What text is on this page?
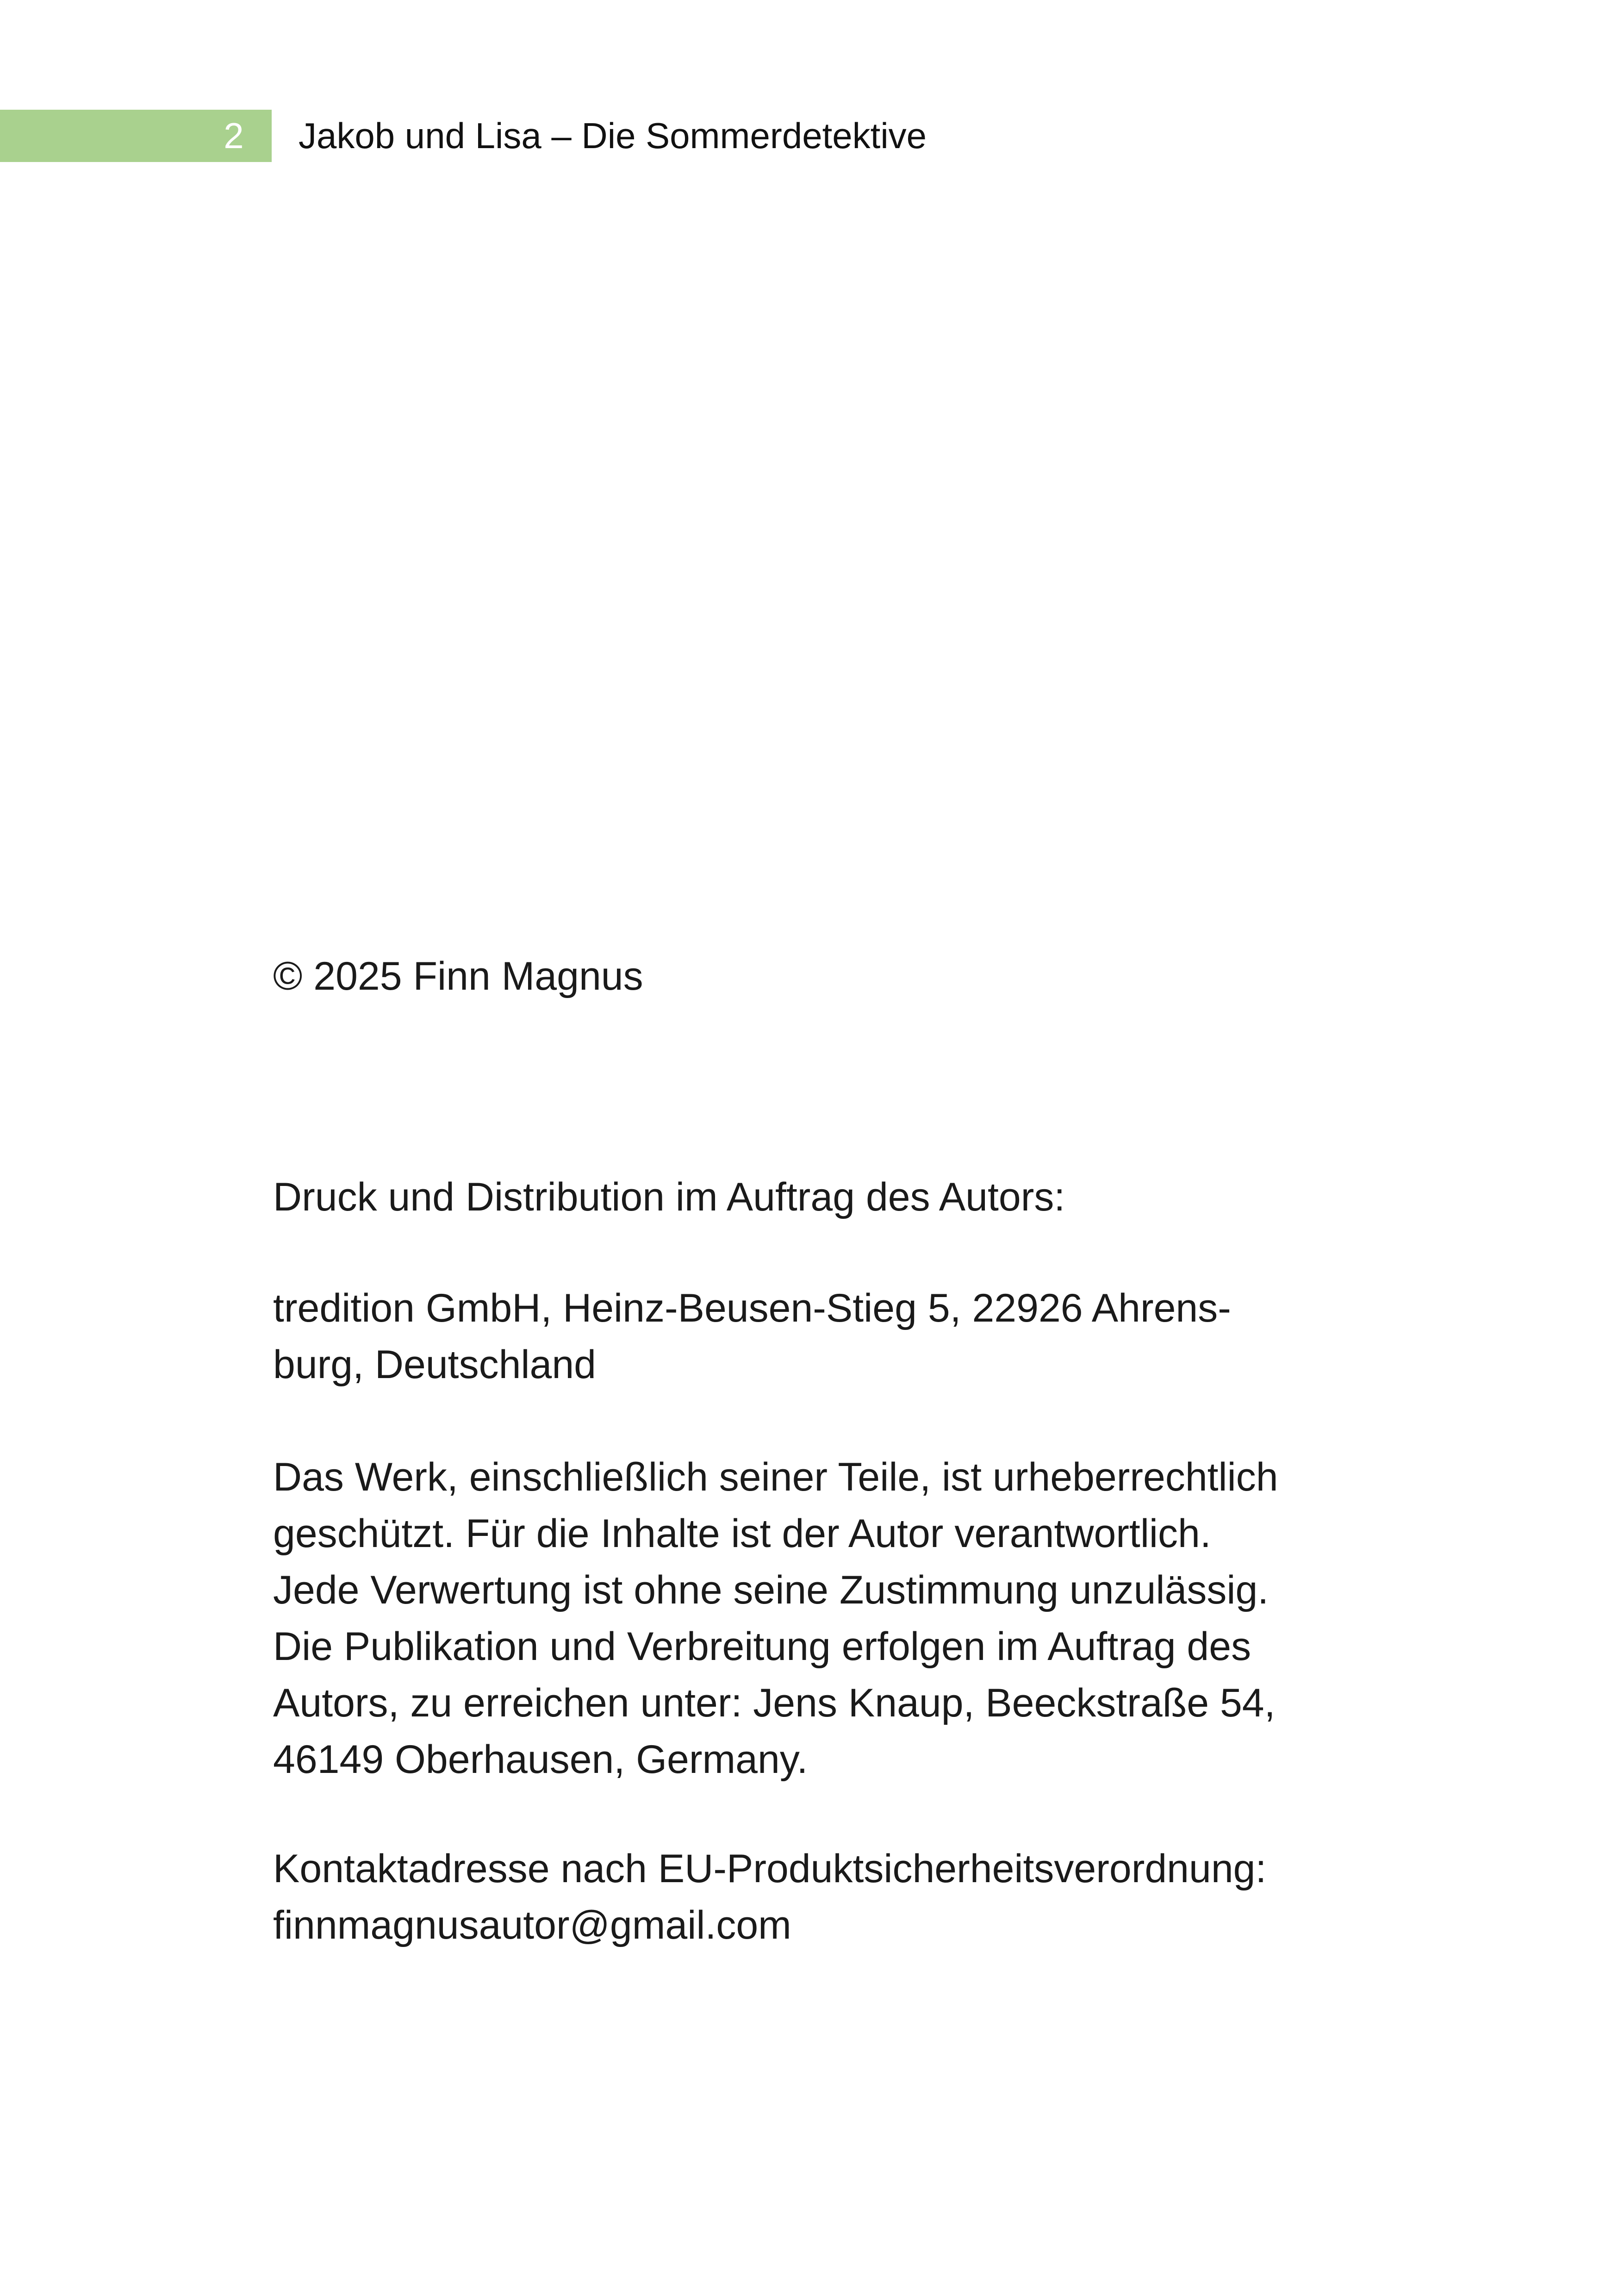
2 Jakob und Lisa – Die Sommerdetektive

© 2025 Finn Magnus

Druck und Distribution im Auftrag des Autors:

tredition GmbH, Heinz-Beusen-Stieg 5, 22926 Ahrens-
burg, Deutschland

Das Werk, einschließlich seiner Teile, ist urheberrechtlich
geschützt. Für die Inhalte ist der Autor verantwortlich.
Jede Verwertung ist ohne seine Zustimmung unzulässig.
Die Publikation und Verbreitung erfolgen im Auftrag des
Autors, zu erreichen unter: Jens Knaup, Beeckstraße 54,
46149 Oberhausen, Germany.

Kontaktadresse nach EU-Produktsicherheitsverordnung:
finnmagnusautor@gmail.com
